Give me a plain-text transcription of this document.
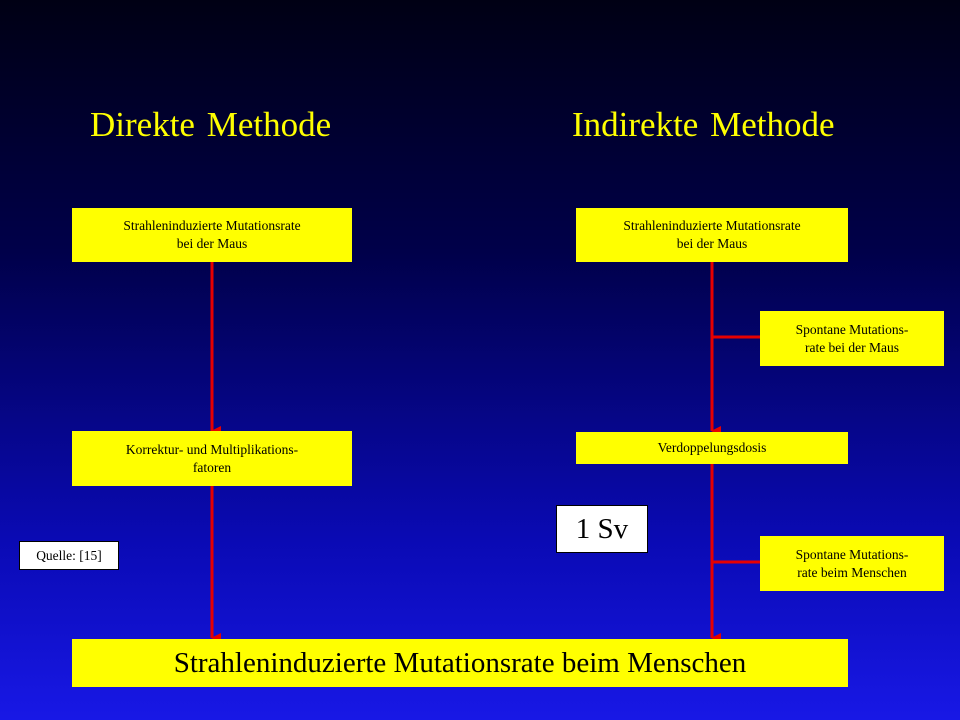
Direkte Methode	Indirekte Methode
Strahleninduzierte Mutationsrate
bei der Maus
Korrektur- und Multiplikations-
fatoren
Strahleninduzierte Mutationsrate
bei der Maus
Spontane Mutations-
rate bei der Maus
Verdoppelungsdosis
Spontane Mutations-
rate beim Menschen
1 Sv
Quelle: [15]
Strahleninduzierte Mutationsrate beim Menschen
